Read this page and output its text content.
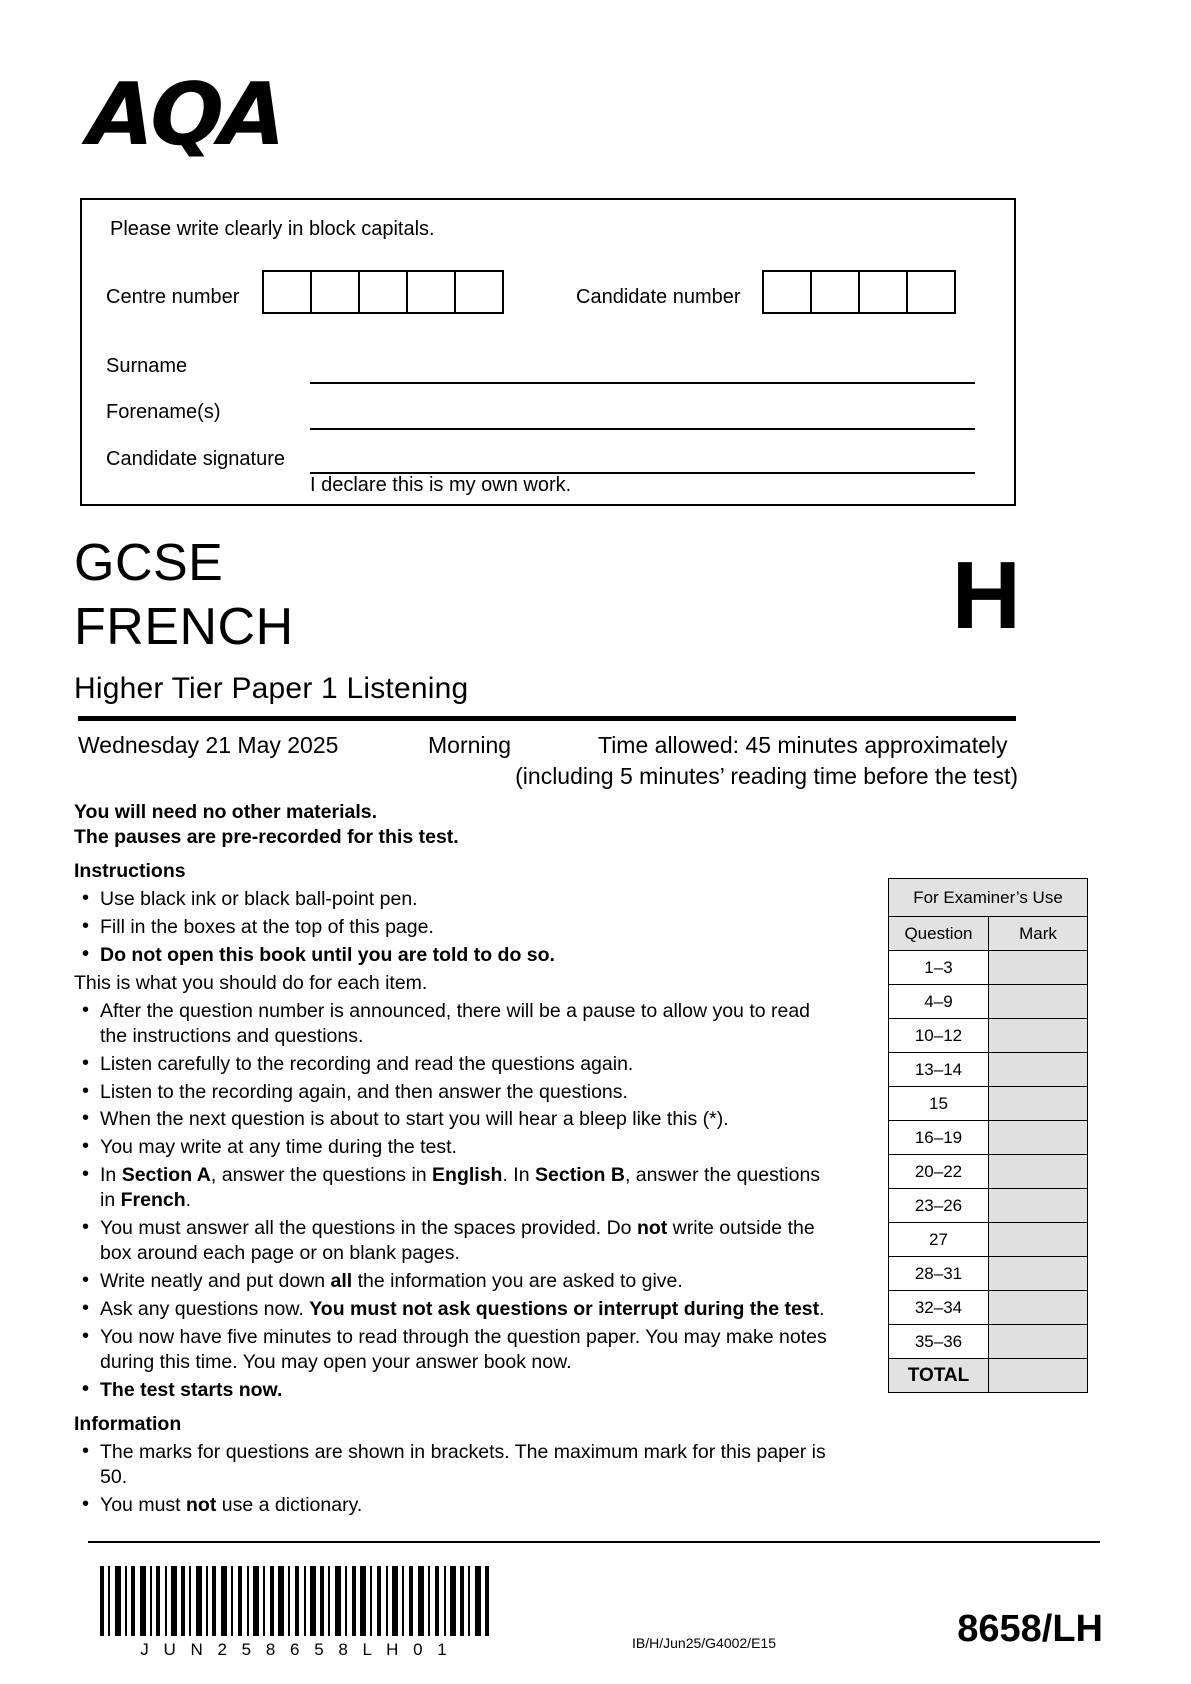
AQA
Please write clearly in block capitals.
Centre number	Candidate number
Surname
Forename(s)
Candidate signature
I declare this is my own work.
GCSE
FRENCH	H
Higher Tier Paper 1 Listening
Wednesday 21 May 2025	Morning	Time allowed: 45 minutes approximately
(including 5 minutes’ reading time before the test)
You will need no other materials.
The pauses are pre-recorded for this test.
Instructions
• Use black ink or black ball-point pen.
• Fill in the boxes at the top of this page.
• Do not open this book until you are told to do so.
This is what you should do for each item.
• After the question number is announced, there will be a pause to allow you to read the instructions and questions.
• Listen carefully to the recording and read the questions again.
• Listen to the recording again, and then answer the questions.
• When the next question is about to start you will hear a bleep like this (*).
• You may write at any time during the test.
• In Section A, answer the questions in English. In Section B, answer the questions in French.
• You must answer all the questions in the spaces provided. Do not write outside the box around each page or on blank pages.
• Write neatly and put down all the information you are asked to give.
• Ask any questions now. You must not ask questions or interrupt during the test.
• You now have five minutes to read through the question paper. You may make notes during this time. You may open your answer book now.
• The test starts now.
Information
• The marks for questions are shown in brackets. The maximum mark for this paper is 50.
• You must not use a dictionary.
For Examiner’s Use	
Question	Mark
1–3	
4–9	
10–12	
13–14	
15	
16–19	
20–22	
23–26	
27	
28–31	
32–34	
35–36	
TOTAL	
J U N 2 5 8 6 5 8 L H 0 1	IB/H/Jun25/G4002/E15	8658/LH
